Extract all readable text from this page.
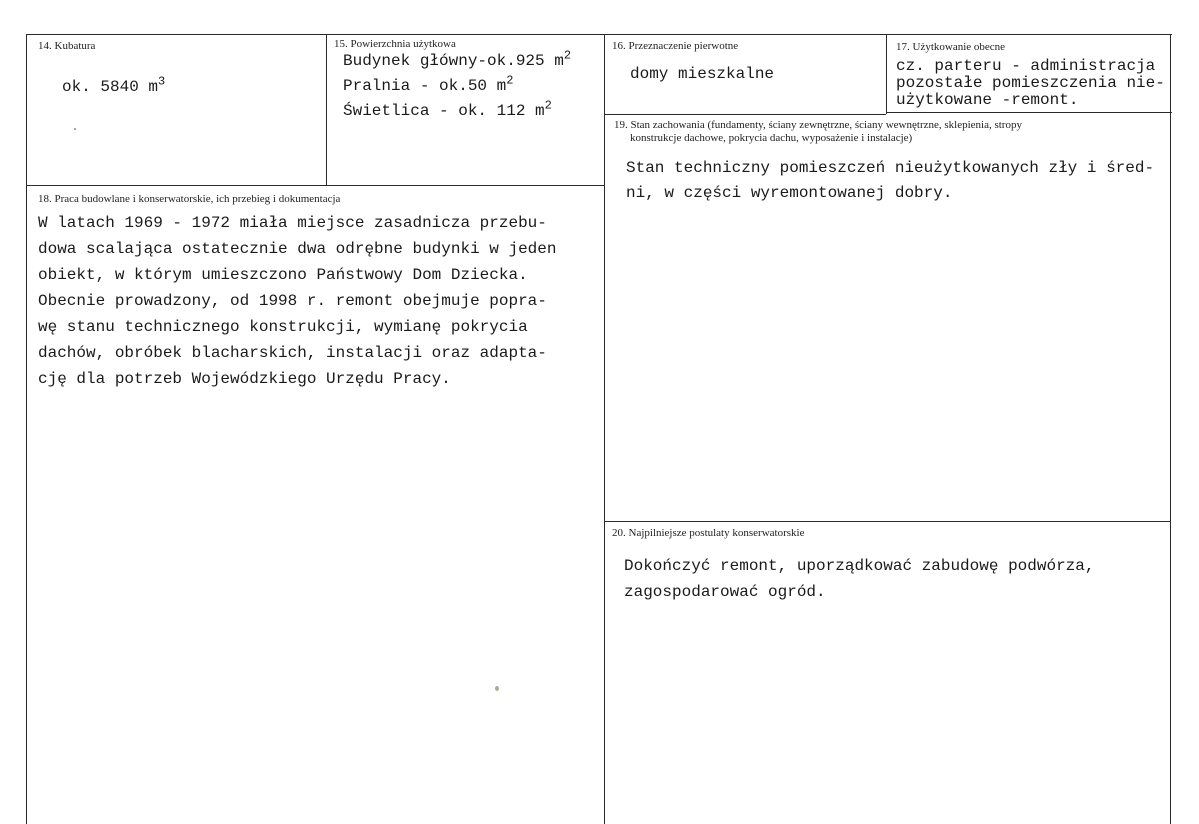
14. Kubatura
ok. 5840 $m^3$
15. Powierzchnia użytkowa
Budynek główny-ok.925 $m^2$
Pralnia - ok.50 $m^2$
Świetlica - ok. 112 $m^2$
16. Przeznaczenie pierwotne
domy mieszkalne
17. Użytkowanie obecne

cz. parteru - administracja
pozostałe pomieszczenia nie-
użytkowane -remont.

18. Praca budowlane i konserwatorskie, ich przebieg i dokumentacja

W latach 1969 - 1972 miała miejsce zasadnicza przebu-
dowa scalająca ostatecznie dwa odrębne budynki w jeden
obiekt, w którym umieszczono Państwowy Dom Dziecka.
Obecnie prowadzony, od 1998 r. remont obejmuje popra-
wę stanu technicznego konstrukcji, wymianę pokrycia
dachów, obróbek blacharskich, instalacji oraz adapta-
cję dla potrzeb Wojewódzkiego Urzędu Pracy.

19. Stan zachowania (fundamenty, ściany zewnętrzne, ściany wewnętrzne, sklepienia, stropy
konstrukcje dachowe, pokrycia dachu, wyposażenie i instalacje)

Stan techniczny pomieszczeń nieużytkowanych zły i śred-
ni, w części wyremontowanej dobry.

20. Najpilniejsze postulaty konserwatorskie

Dokończyć remont, uporządkować zabudowę podwórza,
zagospodarować ogród.
